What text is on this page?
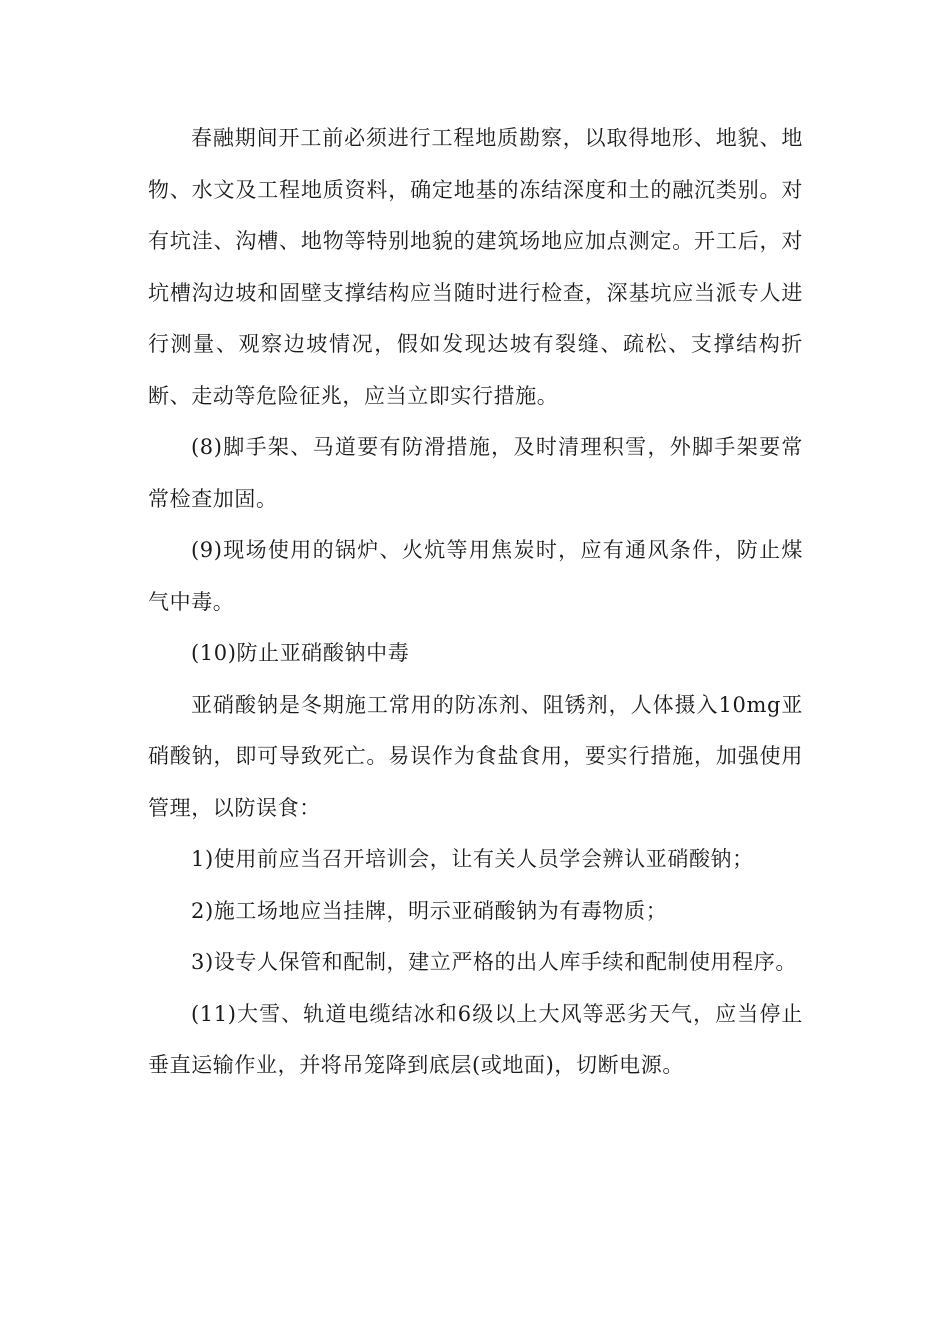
春融期间开工前必须进行工程地质勘察，以取得地形、地貌、地物、水文及工程地质资料，确定地基的冻结深度和土的融沉类别。对有坑洼、沟槽、地物等特别地貌的建筑场地应加点测定。开工后，对坑槽沟边坡和固壁支撑结构应当随时进行检查，深基坑应当派专人进行测量、观察边坡情况，假如发现达坡有裂缝、疏松、支撑结构折断、走动等危险征兆，应当立即实行措施。

(8)脚手架、马道要有防滑措施，及时清理积雪，外脚手架要常常检查加固。

(9)现场使用的锅炉、火炕等用焦炭时，应有通风条件，防止煤气中毒。

(10)防止亚硝酸钠中毒

亚硝酸钠是冬期施工常用的防冻剂、阻锈剂，人体摄入10mg亚硝酸钠，即可导致死亡。易误作为食盐食用，要实行措施，加强使用管理，以防误食：

1)使用前应当召开培训会，让有关人员学会辨认亚硝酸钠；

2)施工场地应当挂牌，明示亚硝酸钠为有毒物质；

3)设专人保管和配制，建立严格的出人库手续和配制使用程序。

(11)大雪、轨道电缆结冰和6级以上大风等恶劣天气，应当停止垂直运输作业，并将吊笼降到底层(或地面)，切断电源。
